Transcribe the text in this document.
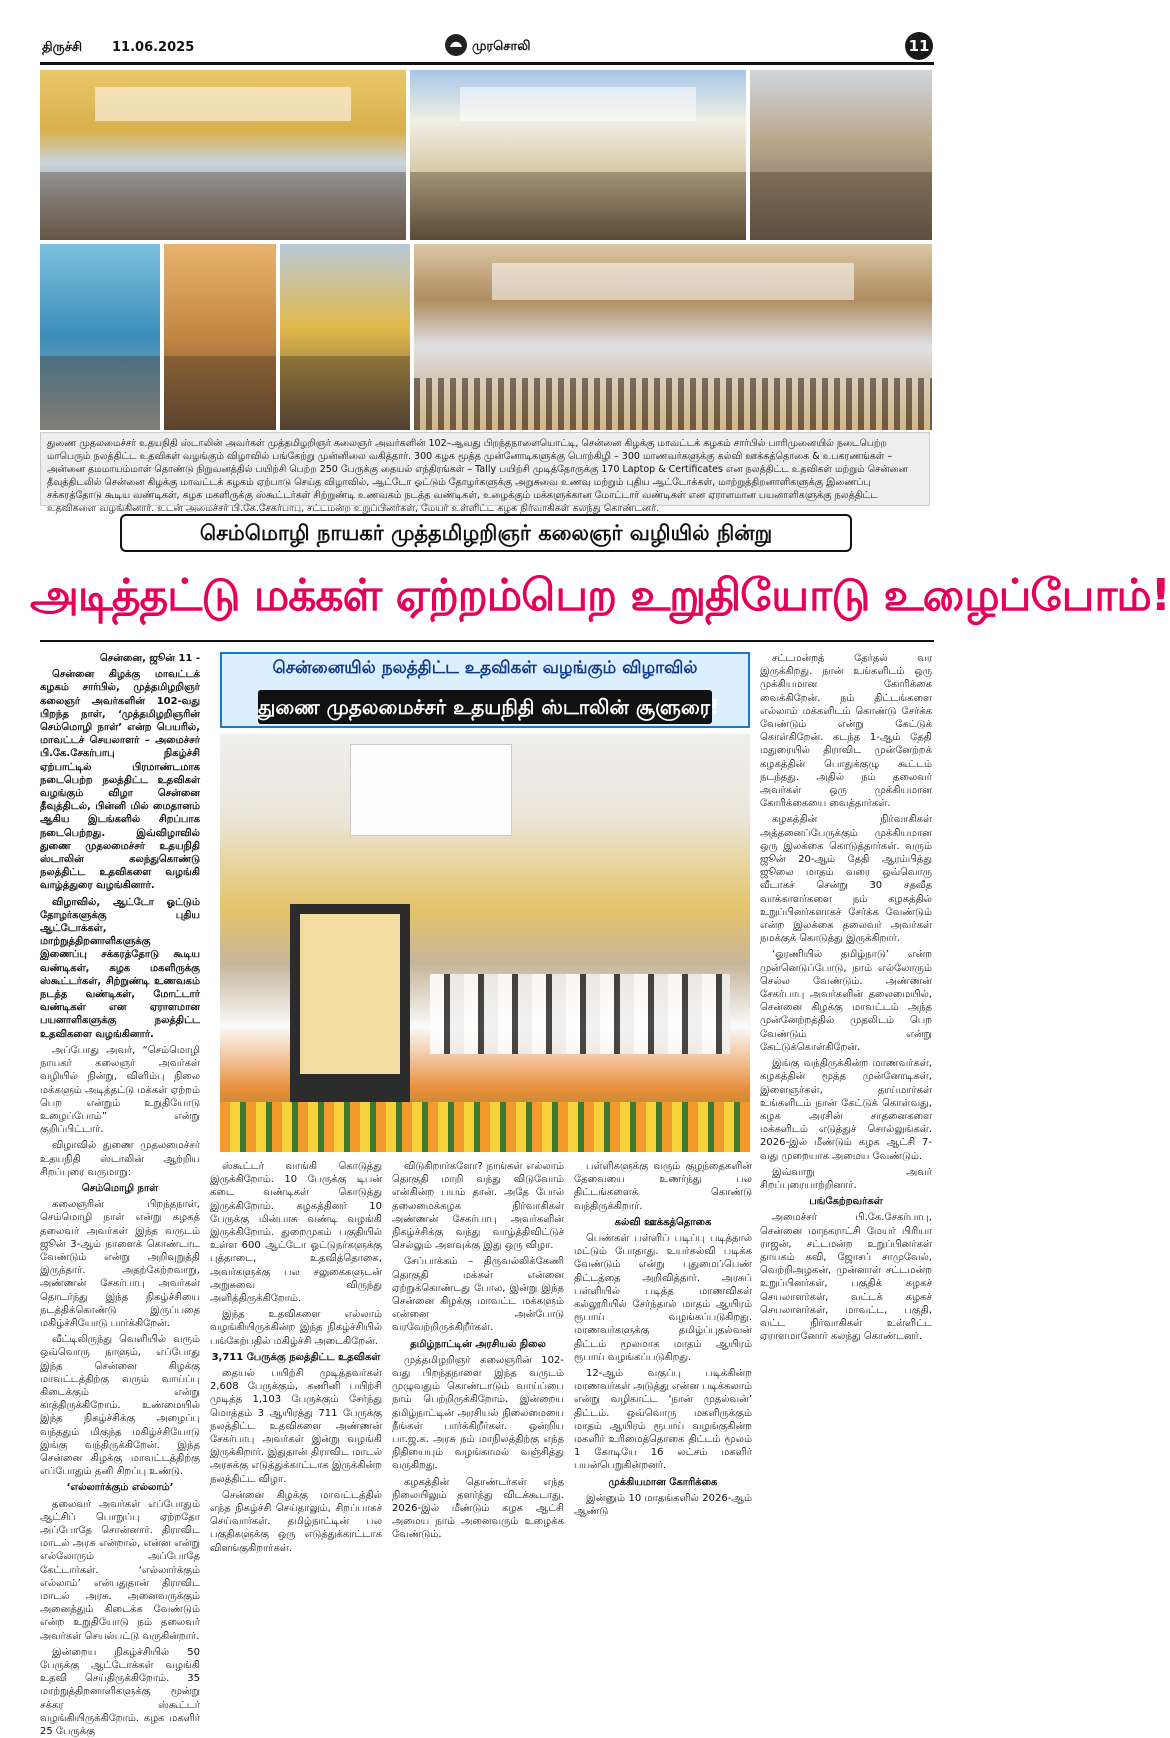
திருச்சி 11.06.2025	முரசொலி	11
துணை முதலமைச்சர் உதயநிதி ஸ்டாலின் அவர்கள் முத்தமிழறிஞர் கலைஞர் அவர்களின் 102–ஆவது பிறந்தநாளையொட்டி, சென்னை கிழக்கு மாவட்டக் கழகம் சார்பில் பாரிமுனையில் நடைபெற்ற மாபெரும் நலத்திட்ட உதவிகள் வழங்கும் விழாவில் பங்கேற்று முன்னிலை வகித்தார். 300 கழக மூத்த முன்னோடிகளுக்கு பொற்கிழி – 300 மாணவர்களுக்கு கல்வி ஊக்கத்தொகை & உபகரணங்கள் – அன்னை தமமாயம்மாள் தொண்டு நிறுவனத்தில் பயிற்சி பெற்ற 250 பேருக்கு தையல் எந்திரங்கள் – Tally பயிற்சி முடித்தோருக்கு 170 Laptop & Certificates என நலத்திட்ட உதவிகள் மற்றும் சென்னை தீவுத்திடலில் சென்னை கிழக்கு மாவட்டக் கழகம் ஏற்பாடு செய்த விழாவில், ஆட்டோ ஓட்டும் தோழர்களுக்கு அறுசுவை உணவு மற்றும் புதிய ஆட்டோக்கள், மாற்றுத்திறனாளிகளுக்கு இணைப்பு சக்கரத்தோடு கூடிய வண்டிகள், கழக மகளிருக்கு ஸ்கூட்டர்கள் சிற்றுண்டி உணவகம் நடத்த வண்டிகள், உழைக்கும் மக்களுக்கான மோட்டார் வண்டிகள் என ஏராளமான பயனாளிகளுக்கு நலத்திட்ட உதவிகளை வழங்கினார். உடன் அமைச்சர் பி.கே.சேகர்பாபு, சட்டமன்ற உறுப்பினர்கள், மேயர் உள்ளிட்ட கழக நிர்வாகிகள் கலந்து கொண்டனர்.
செம்மொழி நாயகர் முத்தமிழறிஞர் கலைஞர் வழியில் நின்று
அடித்தட்டு மக்கள் ஏற்றம்பெற உறுதியோடு உழைப்போம்!

சென்னை, ஜூன் 11 -

சென்னை கிழக்கு மாவட்டக் கழகம் சார்பில், முத்தமிழறிஞர் கலைஞர் அவர்களின் 102-வது பிறந்த நாள், ‘முத்தமிழறிஞரின் செம்மொழி நாள்’ என்ற பெயரில், மாவட்டச் செயலாளர் – அமைச்சர் பி.கே.சேகர்பாபு நிகழ்ச்சி ஏற்பாட்டில் பிரமாண்டமாக நடைபெற்ற நலத்திட்ட உதவிகள் வழங்கும் விழா சென்னை தீவுத்திடல், பின்னி மில் மைதானம் ஆகிய இடங்களில் சிறப்பாக நடைபெற்றது. இவ்விழாவில் துணை முதலமைச்சர் உதயநிதி ஸ்டாலின் கலந்துகொண்டு நலத்திட்ட உதவிகளை வழங்கி வாழ்த்துரை வழங்கினார்.

விழாவில், ஆட்டோ ஓட்டும் தோழர்களுக்கு புதிய ஆட்டோக்கள், மாற்றுத்திறனாளிகளுக்கு இணைப்பு சக்கரத்தோடு கூடிய வண்டிகள், கழக மகளிருக்கு ஸ்கூட்டர்கள், சிற்றுண்டி உணவகம் நடத்த வண்டிகள், மோட்டார் வண்டிகள் என ஏராளமான பயனாளிகளுக்கு நலத்திட்ட உதவிகளை வழங்கினார்.

அப்போது அவர், “செம்மொழி நாயகர் கலைஞர் அவர்கள் வழியில் நின்று, விளிம்பு நிலை மக்களும் அடித்தட்டு மக்கள் ஏற்றம் பெற என்றும் உறுதியோடு உழைப்போம்” என்று குறிப்பிட்டார்.

விழாவில் துணை முதலமைச்சர் உதயநிதி ஸ்டாலின் ஆற்றிய சிறப்புரை வருமாறு:

செம்மொழி நாள்

கலைஞரின் பிறந்தநாள், செம்மொழி நாள் என்று கழகத் தலைவர் அவர்கள் இந்த வருடம் ஜூன் 3-ஆம் நாளைக் கொண்டாட வேண்டும் என்று அறிவுறுத்தி இருந்தார். அதற்கேற்றவாறு, அண்ணன் சேகர்பாபு அவர்கள் தொடர்ந்து இந்த நிகழ்ச்சியை நடத்திக்கொண்டு இருப்பதை மகிழ்ச்சியோடு பார்க்கிறேன்.

வீட்டிலிருந்து வெளியில் வரும் ஒவ்வொரு நாளும், எப்போது இந்த சென்னை கிழக்கு மாவட்டத்திற்கு வரும் வாய்ப்பு கிடைக்கும் என்று காத்திருக்கிறோம். உண்மையில் இந்த நிகழ்ச்சிக்கு அழைப்பு வந்ததும் மிகுந்த மகிழ்ச்சியோடு இங்கு வந்திருக்கிறேன். இந்த சென்னை கிழக்கு மாவட்டத்திற்கு எப்போதும் தனி சிறப்பு உண்டு.

‘எல்லார்க்கும் எல்லாம்’

தலைவர் அவர்கள் எப்போதும் ஆட்சிப் பொறுப்பு ஏற்றதோ அப்போதே சொன்னார். திராவிட மாடல் அரசு என்றால், என்ன என்று எல்லோரும் அப்போதே கேட்டார்கள். ‘எல்லார்க்கும் எல்லாம்’ என்பதுதான் திராவிட மாடல் அரசு. அனைவருக்கும் அனைத்தும் கிடைக்க வேண்டும் என்ற உறுதியோடு நம் தலைவர் அவர்கள் செயல்பட்டு வருகின்றார்.

இன்றைய நிகழ்ச்சியில் 50 பேருக்கு ஆட்டோக்கள் வழங்கி உதவி செய்திருக்கிறோம். 35 மாற்றுத்திறனாளிகளுக்கு மூன்று சக்கர ஸ்கூட்டர் வழங்கியிருக்கிறோம். கழக மகளிர் 25 பேருக்கு

சென்னையில் நலத்திட்ட உதவிகள் வழங்கும் விழாவில்
துணை முதலமைச்சர் உதயநிதி ஸ்டாலின் சூளுரை!

ஸ்கூட்டர் வாங்கி கொடுத்து இருக்கிறோம். 10 பேருக்கு டிபன் கடை வண்டிகள் கொடுத்து இருக்கிறோம். கழகத்தினர் 10 பேருக்கு மின்பாசு வண்டி வழங்கி இருக்கிறோம். துறைமுகம் பகுதியில் உள்ள 600 ஆட்டோ ஓட்டுநர்களுக்கு புத்தாடை, உதவித்தொகை, அவர்களுக்கு பல சலுகைகளுடன் அறுசுவை விருந்து அளித்திருக்கிறோம்.

இந்த உதவிகளை எல்லாம் வழங்கியிருக்கின்ற இந்த நிகழ்ச்சியில் பங்கேற்பதில் மகிழ்ச்சி அடைகிறேன்.

3,711 பேருக்கு நலத்திட்ட உதவிகள்

தையல் பயிற்சி முடித்தவர்கள் 2,608 பேருக்கும், கணினி பயிற்சி முடித்த 1,103 பேருக்கும் சேர்ந்து மொத்தம் 3 ஆயிரத்து 711 பேருக்கு நலத்திட்ட உதவிகளை அண்ணன் சேகர்பாபு அவர்கள் இன்று வழங்கி இருக்கிறார். இதுதான் திராவிட மாடல் அரசுக்கு எடுத்துக்காட்டாக இருக்கின்ற நலத்திட்ட விழா.

சென்னை கிழக்கு மாவட்டத்தில் எந்த நிகழ்ச்சி செய்தாலும், சிறப்பாகச் செய்வார்கள். தமிழ்நாட்டின் பல பகுதிகளுக்கு ஒரு எடுத்துக்காட்டாக விளங்குகிறார்கள்.

விடுகிறார்களோ? நாங்கள் எல்லாம் தொகுதி மாறி வந்து விடுவோம் என்கின்ற பயம் தான். அதே போல் தலைமைக்கழக நிர்வாகிகள் அண்ணன் சேகர்பாபு அவர்களின் நிகழ்ச்சிக்கு வந்து வாழ்த்திவிட்டுச் செல்லும் அளவுக்கு இது ஒரு விழா.

சேப்பாக்கம் – திருவல்லிக்கேணி தொகுதி மக்கள் என்னை ஏற்றுக்கொண்டது போல, இன்று இந்த சென்னை கிழக்கு மாவட்ட மக்களும் என்னை அன்போடு வரவேற்றிருக்கிறீர்கள்.

தமிழ்நாட்டின் அரசியல் நிலை

முத்தமிழறிஞர் கலைஞரின் 102-வது பிறந்தநாளை இந்த வருடம் முழுவதும் கொண்டாடும் வாய்ப்பை நாம் பெற்றிருக்கிறோம். இன்றைய தமிழ்நாட்டின் அரசியல் நிலைமையை நீங்கள் பார்க்கிறீர்கள். ஒன்றிய பா.ஜ.க. அரசு நம் மாநிலத்திற்கு எந்த நிதியையும் வழங்காமல் வஞ்சித்து வருகிறது.

கழகத்தின் தொண்டர்கள் எந்த நிலையிலும் தளர்ந்து விடக்கூடாது. 2026-இல் மீண்டும் கழக ஆட்சி அமைய நாம் அனைவரும் உழைக்க வேண்டும்.

பள்ளிகளுக்கு வரும் குழந்தைகளின் தேவையை உணர்ந்து பல திட்டங்களைக் கொண்டு வந்திருக்கிறார்.

கல்வி ஊக்கத்தொகை

பெண்கள் பள்ளிப் படிப்பு படித்தால் மட்டும் போதாது. உயர்கல்வி படிக்க வேண்டும் என்று புதுமைப்பெண் திட்டத்தை அறிவித்தார். அரசுப் பள்ளியில் படித்த மாணவிகள் கல்லூரியில் சேர்ந்தால் மாதம் ஆயிரம் ரூபாய் வழங்கப்படுகிறது. மாணவர்களுக்கு தமிழ்ப்புதல்வன் திட்டம் மூலமாக மாதம் ஆயிரம் ரூபாய் வழங்கப்படுகிறது.

12-ஆம் வகுப்பு படிக்கின்ற மாணவர்கள் அடுத்து என்ன படிக்கலாம் என்று வழிகாட்ட ‘நான் முதல்வன்’ திட்டம். ஒவ்வொரு மகளிருக்கும் மாதம் ஆயிரம் ரூபாய் வழங்குகின்ற மகளிர் உரிமைத்தொகை திட்டம் மூலம் 1 கோடியே 16 லட்சம் மகளிர் பயன்பெறுகின்றனர்.

முக்கியமான கோரிக்கை

இன்னும் 10 மாதங்களில் 2026-ஆம் ஆண்டு

சட்டமன்றத் தேர்தல் வர இருக்கிறது. நான் உங்களிடம் ஒரு முக்கியமான கோரிக்கை வைக்கிறேன். நம் திட்டங்களை எல்லாம் மக்களிடம் கொண்டு சேர்க்க வேண்டும் என்று கேட்டுக் கொள்கிறேன். கடந்த 1-ஆம் தேதி மதுரையில் திராவிட முன்னேற்றக் கழகத்தின் பொதுக்குழு கூட்டம் நடந்தது. அதில் நம் தலைவர் அவர்கள் ஒரு முக்கியமான கோரிக்கையை வைத்தார்கள்.

கழகத்தின் நிர்வாகிகள் அத்தனைப்பேருக்கும் முக்கியமான ஒரு இலக்கை கொடுத்தார்கள். வரும் ஜூன் 20-ஆம் தேதி ஆரம்பித்து ஜூலை மாதம் வரை ஒவ்வொரு வீடாகச் சென்று 30 சதவீத வாக்காளர்களை நம் கழகத்தில் உறுப்பினர்களாகச் சேர்க்க வேண்டும் என்ற இலக்கை தலைவர் அவர்கள் நமக்குக் கொடுத்து இருக்கிறார்.

‘ஓரணியில் தமிழ்நாடு’ என்ற முன்னெடுப்போடு, நாம் எல்லோரும் செல்ல வேண்டும். அண்ணன் சேகர்பாபு அவர்களின் தலைமையில், சென்னை கிழக்கு மாவட்டம் அந்த முன்னேற்றத்தில் முதலிடம் பெற வேண்டும் என்று கேட்டுக்கொள்கிறேன்.

இங்கு வந்திருக்கின்ற மாணவர்கள், கழகத்தின் மூத்த முன்னோடிகள், இளைஞர்கள், தாய்மார்கள் உங்களிடம் நான் கேட்டுக் கொள்வது, கழக அரசின் சாதனைகளை மக்களிடம் எடுத்துச் சொல்லுங்கள். 2026-இல் மீண்டும் கழக ஆட்சி 7-வது முறையாக அமைய வேண்டும்.

இவ்வாறு அவர் சிறப்புரையாற்றினார்.

பங்கேற்றவர்கள்

அமைச்சர் பி.கே.சேகர்பாபு, சென்னை மாநகராட்சி மேயர் பிரியா ராஜன், சட்டமன்ற உறுப்பினர்கள் தாயகம் கவி, ஜோசப் சாமுவேல், வெற்றிஅழகன், முன்னாள் சட்டமன்ற உறுப்பினர்கள், பகுதிக் கழகச் செயலாளர்கள், வட்டக் கழகச் செயலாளர்கள், மாவட்ட, பகுதி, வட்ட நிர்வாகிகள் உள்ளிட்ட ஏராளமானோர் கலந்து கொண்டனர்.
